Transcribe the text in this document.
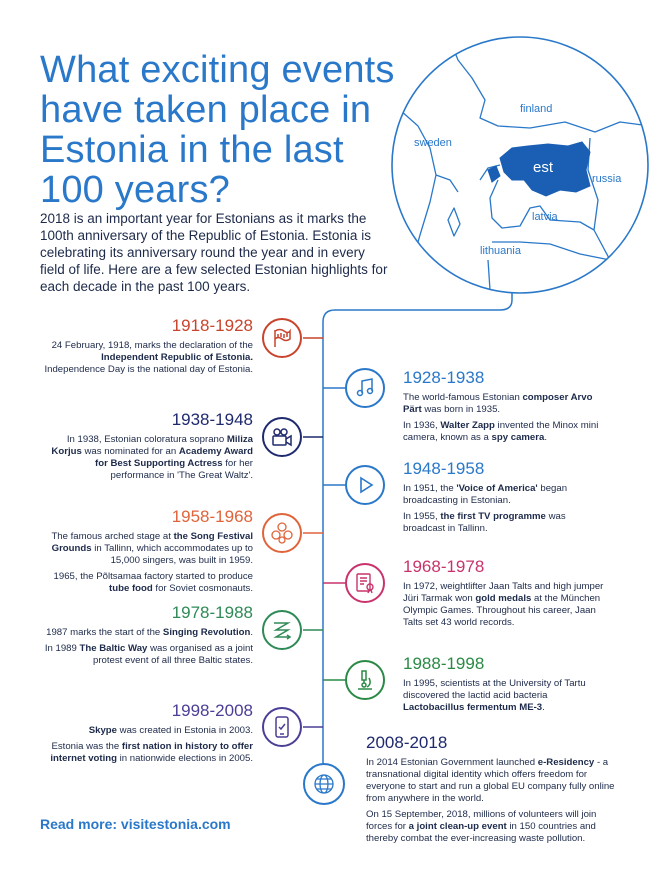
What exciting events have taken place in Estonia in the last 100 years?

2018 is an important year for Estonians as it marks the 100th anniversary of the Republic of Estonia. Estonia is celebrating its anniversary round the year and in every field of life. Here are a few selected Estonian highlights for each decade in the past 100 years.

finland
sweden
est
russia
latvia
lithuania
1918-1928

24 February, 1918, marks the declaration of the Independent Republic of Estonia. Independence Day is the national day of Estonia.	1928-1938

The world-famous Estonian composer Arvo Pärt was born in 1935.

In 1936, Walter Zapp invented the Minox mini camera, known as a spy camera.

1938-1948

In 1938, Estonian coloratura soprano Miliza Korjus was nominated for an Academy Award for Best Supporting Actress for her performance in 'The Great Waltz'.	1948-1958

In 1951, the 'Voice of America' began broadcasting in Estonian.

In 1955, the first TV programme was broadcast in Tallinn.

1958-1968

The famous arched stage at the Song Festival Grounds in Tallinn, which accommodates up to 15,000 singers, was built in 1959.

1965, the Põltsamaa factory started to produce tube food for Soviet cosmonauts.

1968-1978

In 1972, weightlifter Jaan Talts and high jumper Jüri Tarmak won gold medals at the München Olympic Games. Throughout his career, Jaan Talts set 43 world records.

1978-1988

1987 marks the start of the Singing Revolution.

In 1989 The Baltic Way was organised as a joint protest event of all three Baltic states.	1988-1998

In 1995, scientists at the University of Tartu discovered the lactid acid bacteria Lactobacillus fermentum ME-3.

1998-2008

Skype was created in Estonia in 2003.

Estonia was the first nation in history to offer internet voting in nationwide elections in 2005.

2008-2018

In 2014 Estonian Government launched e-Residency - a transnational digital identity which offers freedom for everyone to start and run a global EU company fully online from anywhere in the world.

On 15 September, 2018, millions of volunteers will join forces for a joint clean-up event in 150 countries and thereby combat the ever-increasing waste pollution.

Read more: visitestonia.com
